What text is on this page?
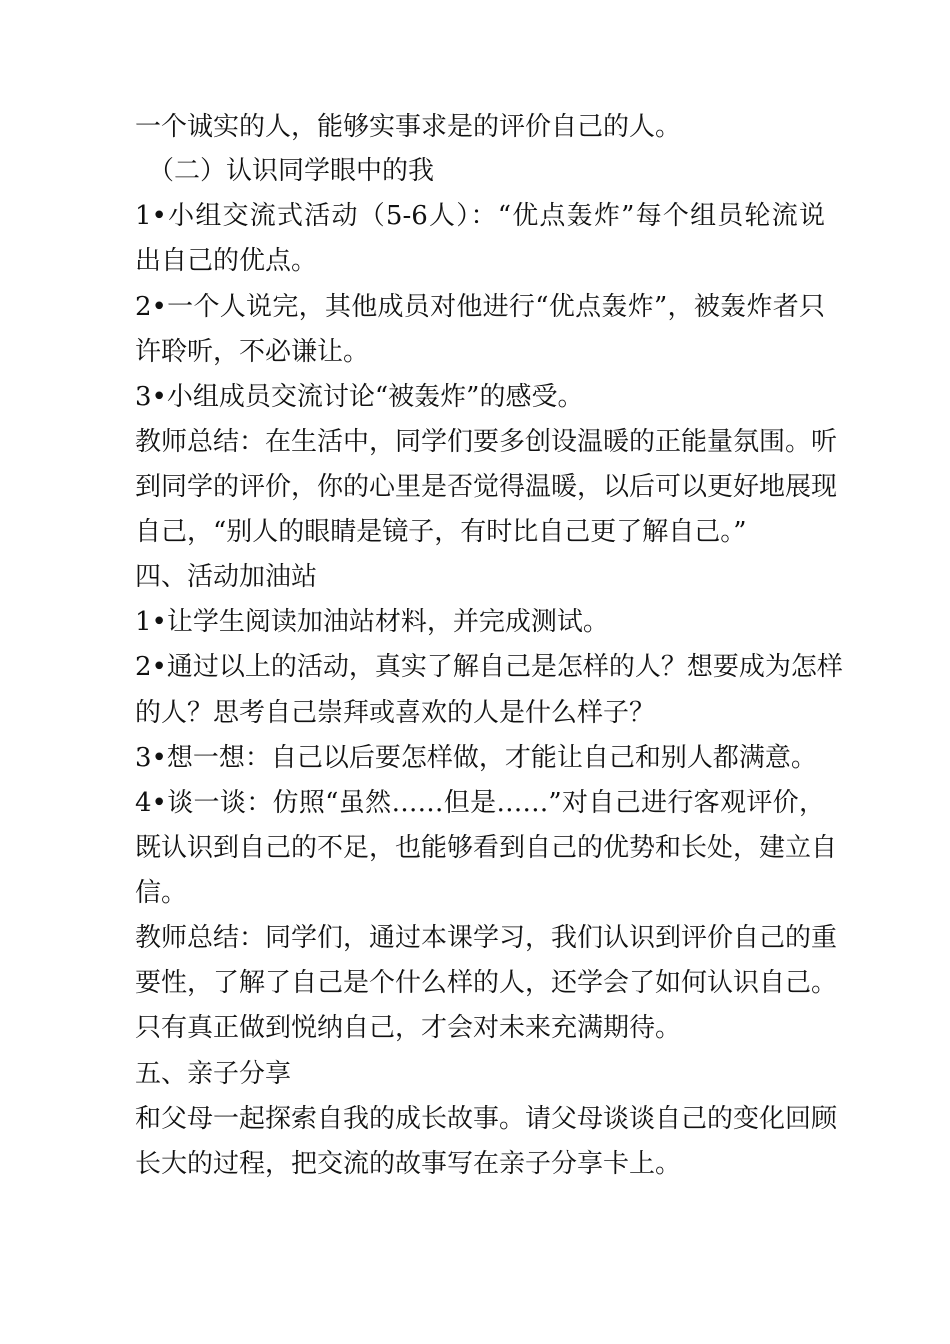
一个诚实的人，能够实事求是的评价自己的人。
（二）认识同学眼中的我
1•小组交流式活动（5-6人）：“优点轰炸”每个组员轮流说
出自己的优点。
2•一个人说完，其他成员对他进行“优点轰炸”，被轰炸者只
许聆听，不必谦让。
3•小组成员交流讨论“被轰炸”的感受。
教师总结：在生活中，同学们要多创设温暖的正能量氛围。听
到同学的评价，你的心里是否觉得温暖，以后可以更好地展现
自己，“别人的眼睛是镜子，有时比自己更了解自己。”
四、活动加油站
1•让学生阅读加油站材料，并完成测试。
2•通过以上的活动，真实了解自己是怎样的人？想要成为怎样
的人？思考自己崇拜或喜欢的人是什么样子？
3•想一想：自己以后要怎样做，才能让自己和别人都满意。
4•谈一谈：仿照“虽然……但是……”对自己进行客观评价，
既认识到自己的不足，也能够看到自己的优势和长处，建立自
信。
教师总结：同学们，通过本课学习，我们认识到评价自己的重
要性，了解了自己是个什么样的人，还学会了如何认识自己。
只有真正做到悦纳自己，才会对未来充满期待。
五、亲子分享
和父母一起探索自我的成长故事。请父母谈谈自己的变化回顾
长大的过程，把交流的故事写在亲子分享卡上。
